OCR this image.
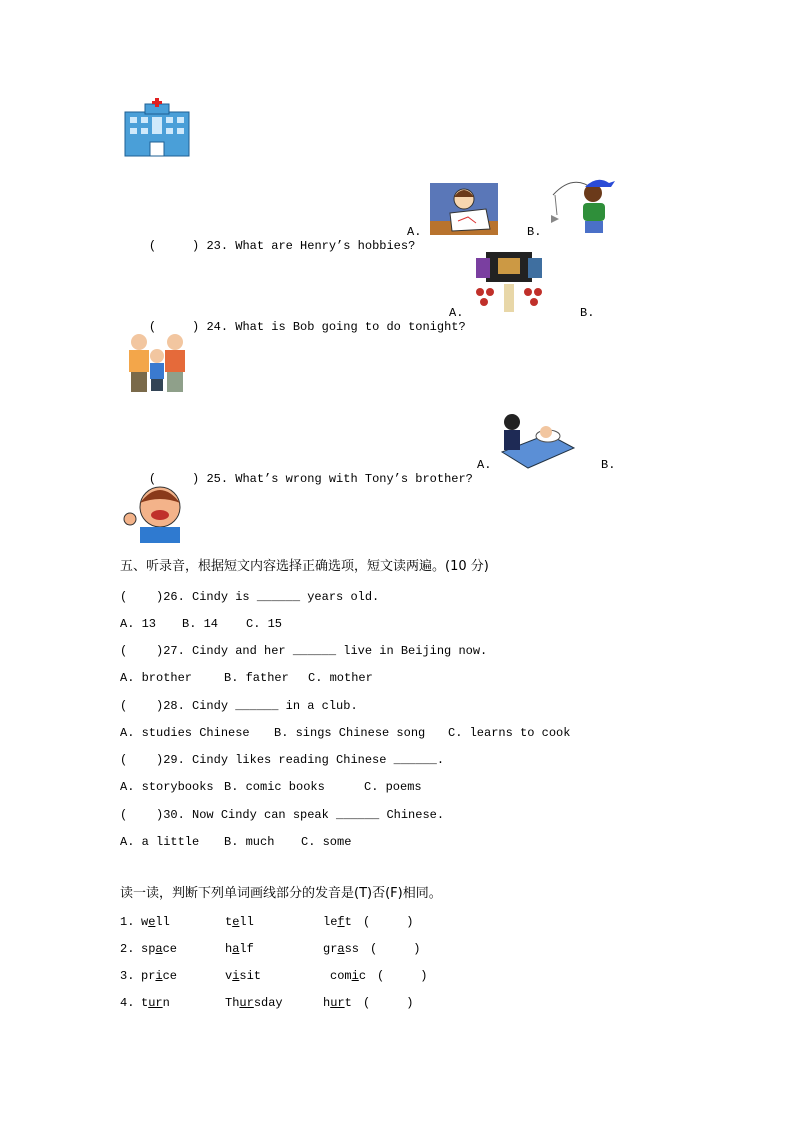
(     ) 23. What are Henry’s hobbies?

A.	B.

(     ) 24. What is Bob going to do tonight?

A.	B.

(     ) 25. What’s wrong with Tony’s brother?

A.	B.
五、听录音，根据短文内容选择正确选项，短文读两遍。(10 分)
(    )26. Cindy is ______ years old.
A. 13 B. 14 C. 15
(    )27. Cindy and her ______ live in Beijing now.
A. brother	B. father C. mother
(    )28. Cindy ______ in a club.
A. studies Chinese B. sings Chinese song C. learns to cook
(    )29. Cindy likes reading Chinese ______.
A. storybooks B. comic books	C. poems
(    )30. Now Cindy can speak ______ Chinese.
A. a little B. much C. some
读一读，判断下列单词画线部分的发音是(T)否(F)相同。
1. well	tell	left (     )
2. space	half	grass (     )
3. price	visit	comic (     )
4. turn	Thursday	hurt (     )
